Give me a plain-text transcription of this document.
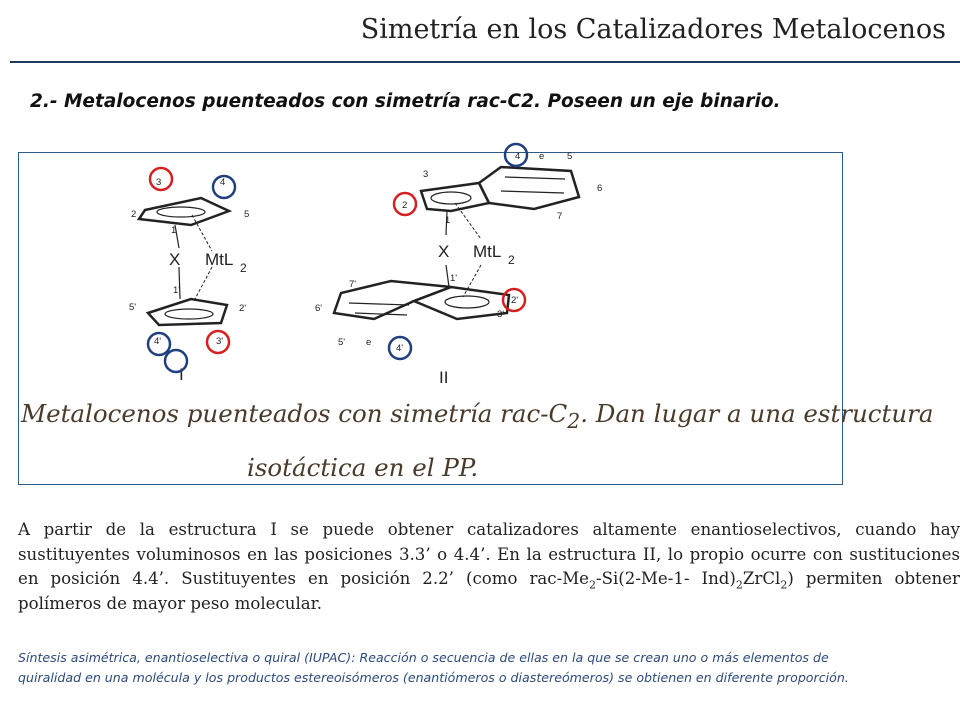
Simetría en los Catalizadores Metalocenos
2.- Metalocenos puenteados con simetría rac-C2. Poseen un eje binario.
1
2
3	4
5
1'
2'
3'
4'
5'
X MtL 2
I
1
2
3
4	5
6
7
e
1'
3'
5'
6'
7'
e
X MtL 2
II
2'
4'
Metalocenos puenteados con simetría rac-$C_2$. Dan lugar a una estructura
isotáctica en el PP.
A partir de la estructura I se puede obtener catalizadores altamente enantioselectivos, cuando hay sustituyentes voluminosos en las posiciones 3.3’ o 4.4’. En la estructura II, lo propio ocurre con sustituciones en posición 4.4’. Sustituyentes en posición 2.2’ (como rac-$Me_2-Si(2-Me-1-$ $Ind)_2ZrCl_2$) permiten obtener polímeros de mayor peso molecular.
Síntesis asimétrica, enantioselectiva o quiral (IUPAC): Reacción o secuencia de ellas en la que se crean uno o más elementos de quiralidad en una molécula y los productos estereoisómeros (enantiómeros o diastereómeros) se obtienen en diferente proporción.
